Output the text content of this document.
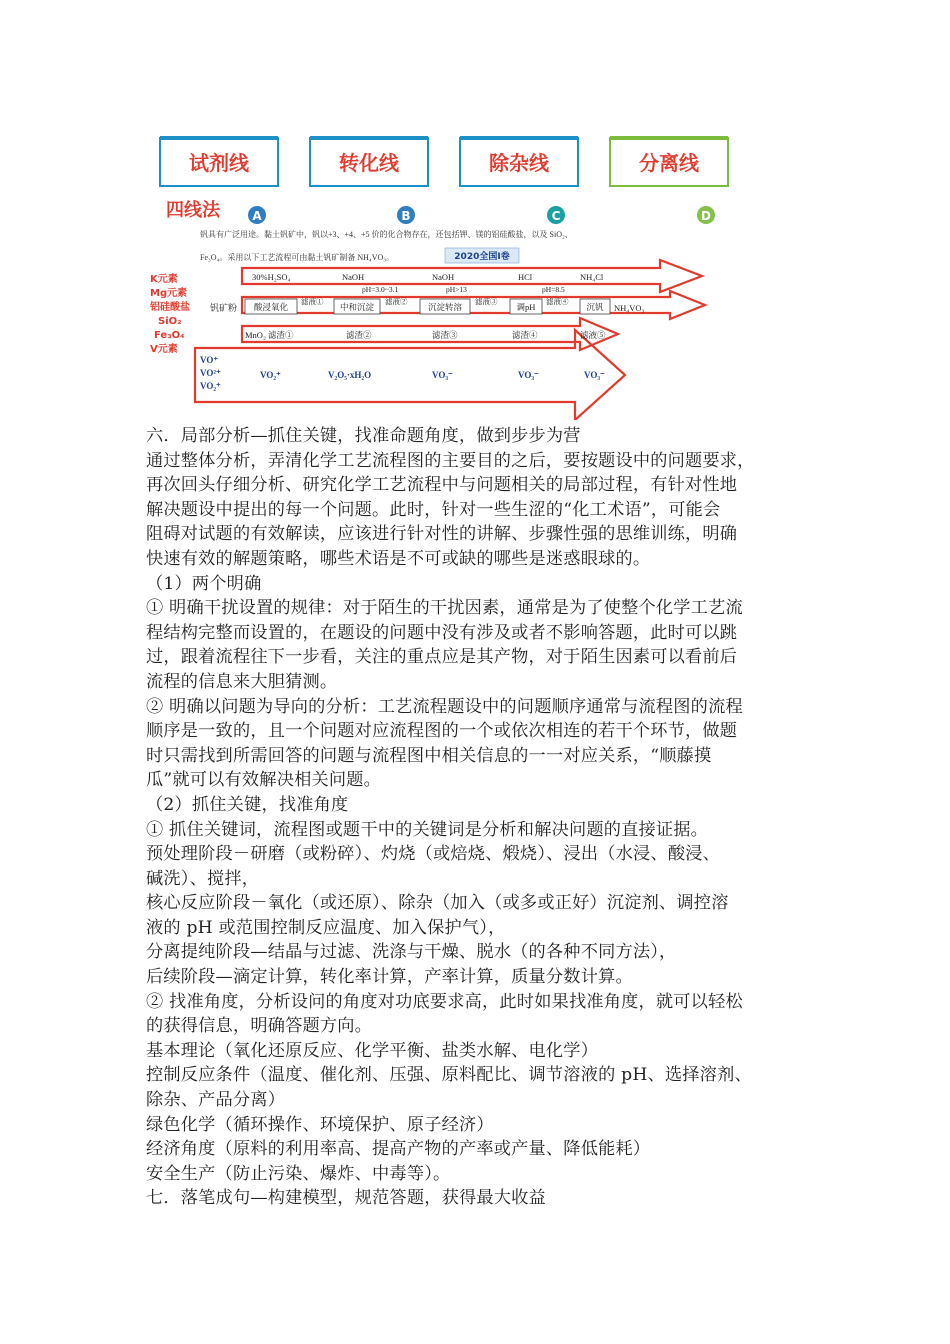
试剂线
A
转化线
B
除杂线
C
分离线
D
四线法
钒具有广泛用途。黏土钒矿中，钒以+3、+4、+5 价的化合物存在，还包括钾、镁的铝硅酸盐，以及 SiO₂、
Fe₃O₄。采用以下工艺流程可由黏土钒矿制备 NH₄VO₃。	2020全国I卷
K元素
Mg元素
铝硅酸盐
SiO₂
Fe₃O₄
V元素
30%H₂SO₄	NaOH	NaOH	HCl	NH₄Cl
pH=3.0~3.1	pH>13	pH=8.5
钒矿粉 酸浸氧化	中和沉淀	沉淀转溶	调pH	沉钒
滤液①	滤液②	滤液③	滤液④
NH₄VO₃
MnO₂ 滤渣①	滤渣②	滤渣③	滤渣④	滤液⑤
VO⁺
VO²⁺
VO₂⁺
VO₂⁺	V₂O₅·xH₂O	VO₃⁻	VO₃⁻	VO₃⁻

六．局部分析—抓住关键，找准命题角度，做到步步为营

通过整体分析，弄清化学工艺流程图的主要目的之后，要按题设中的问题要求，

再次回头仔细分析、研究化学工艺流程中与问题相关的局部过程，有针对性地

解决题设中提出的每一个问题。此时，针对一些生涩的“化工术语”，可能会

阻碍对试题的有效解读，应该进行针对性的讲解、步骤性强的思维训练，明确

快速有效的解题策略，哪些术语是不可或缺的哪些是迷惑眼球的。

（1）两个明确

① 明确干扰设置的规律：对于陌生的干扰因素，通常是为了使整个化学工艺流

程结构完整而设置的，在题设的问题中没有涉及或者不影响答题，此时可以跳

过，跟着流程往下一步看，关注的重点应是其产物，对于陌生因素可以看前后

流程的信息来大胆猜测。

② 明确以问题为导向的分析：工艺流程题设中的问题顺序通常与流程图的流程

顺序是一致的，且一个问题对应流程图的一个或依次相连的若干个环节，做题

时只需找到所需回答的问题与流程图中相关信息的一一对应关系，“顺藤摸

瓜”就可以有效解决相关问题。

（2）抓住关键，找准角度

① 抓住关键词，流程图或题干中的关键词是分析和解决问题的直接证据。

预处理阶段－研磨（或粉碎）、灼烧（或焙烧、煅烧）、浸出（水浸、酸浸、

碱洗）、搅拌，

核心反应阶段－氧化（或还原）、除杂（加入（或多或正好）沉淀剂、调控溶

液的 pH 或范围控制反应温度、加入保护气），

分离提纯阶段—结晶与过滤、洗涤与干燥、脱水（的各种不同方法），

后续阶段—滴定计算，转化率计算，产率计算，质量分数计算。

② 找准角度，分析设问的角度对功底要求高，此时如果找准角度，就可以轻松

的获得信息，明确答题方向。

基本理论（氧化还原反应、化学平衡、盐类水解、电化学）

控制反应条件（温度、催化剂、压强、原料配比、调节溶液的 pH、选择溶剂、

除杂、产品分离）

绿色化学（循环操作、环境保护、原子经济）

经济角度（原料的利用率高、提高产物的产率或产量、降低能耗）

安全生产（防止污染、爆炸、中毒等）。

七．落笔成句—构建模型，规范答题，获得最大收益
